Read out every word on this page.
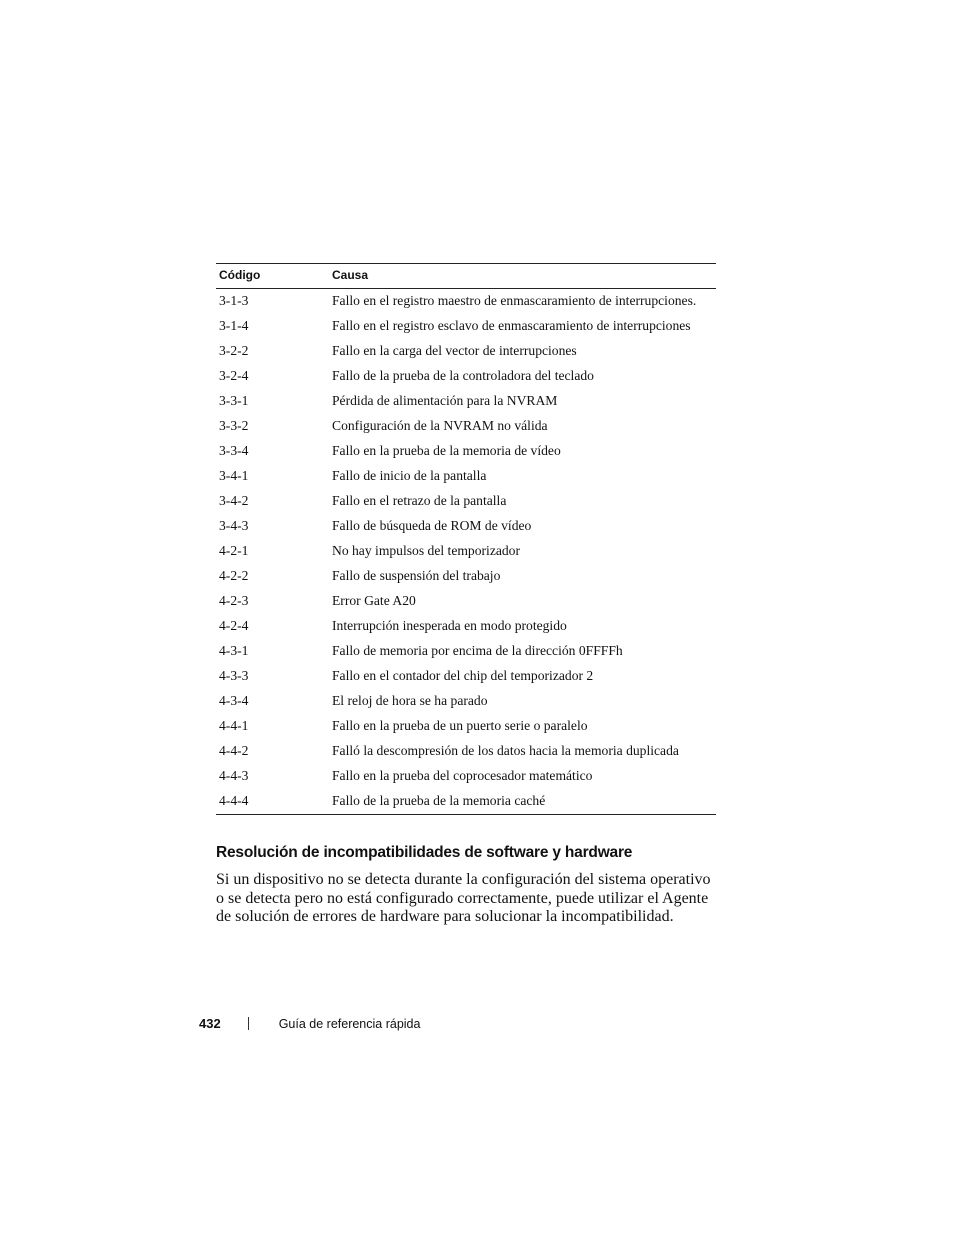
Código	Causa
3-1-3	Fallo en el registro maestro de enmascaramiento de interrupciones.
3-1-4	Fallo en el registro esclavo de enmascaramiento de interrupciones
3-2-2	Fallo en la carga del vector de interrupciones
3-2-4	Fallo de la prueba de la controladora del teclado
3-3-1	Pérdida de alimentación para la NVRAM
3-3-2	Configuración de la NVRAM no válida
3-3-4	Fallo en la prueba de la memoria de vídeo
3-4-1	Fallo de inicio de la pantalla
3-4-2	Fallo en el retrazo de la pantalla
3-4-3	Fallo de búsqueda de ROM de vídeo
4-2-1	No hay impulsos del temporizador
4-2-2	Fallo de suspensión del trabajo
4-2-3	Error Gate A20
4-2-4	Interrupción inesperada en modo protegido
4-3-1	Fallo de memoria por encima de la dirección 0FFFFh
4-3-3	Fallo en el contador del chip del temporizador 2
4-3-4	El reloj de hora se ha parado
4-4-1	Fallo en la prueba de un puerto serie o paralelo
4-4-2	Falló la descompresión de los datos hacia la memoria duplicada
4-4-3	Fallo en la prueba del coprocesador matemático
4-4-4	Fallo de la prueba de la memoria caché
Resolución de incompatibilidades de software y hardware

Si un dispositivo no se detecta durante la configuración del sistema operativo o se detecta pero no está configurado correctamente, puede utilizar el Agente de solución de errores de hardware para solucionar la incompatibilidad.

432	Guía de referencia rápida
